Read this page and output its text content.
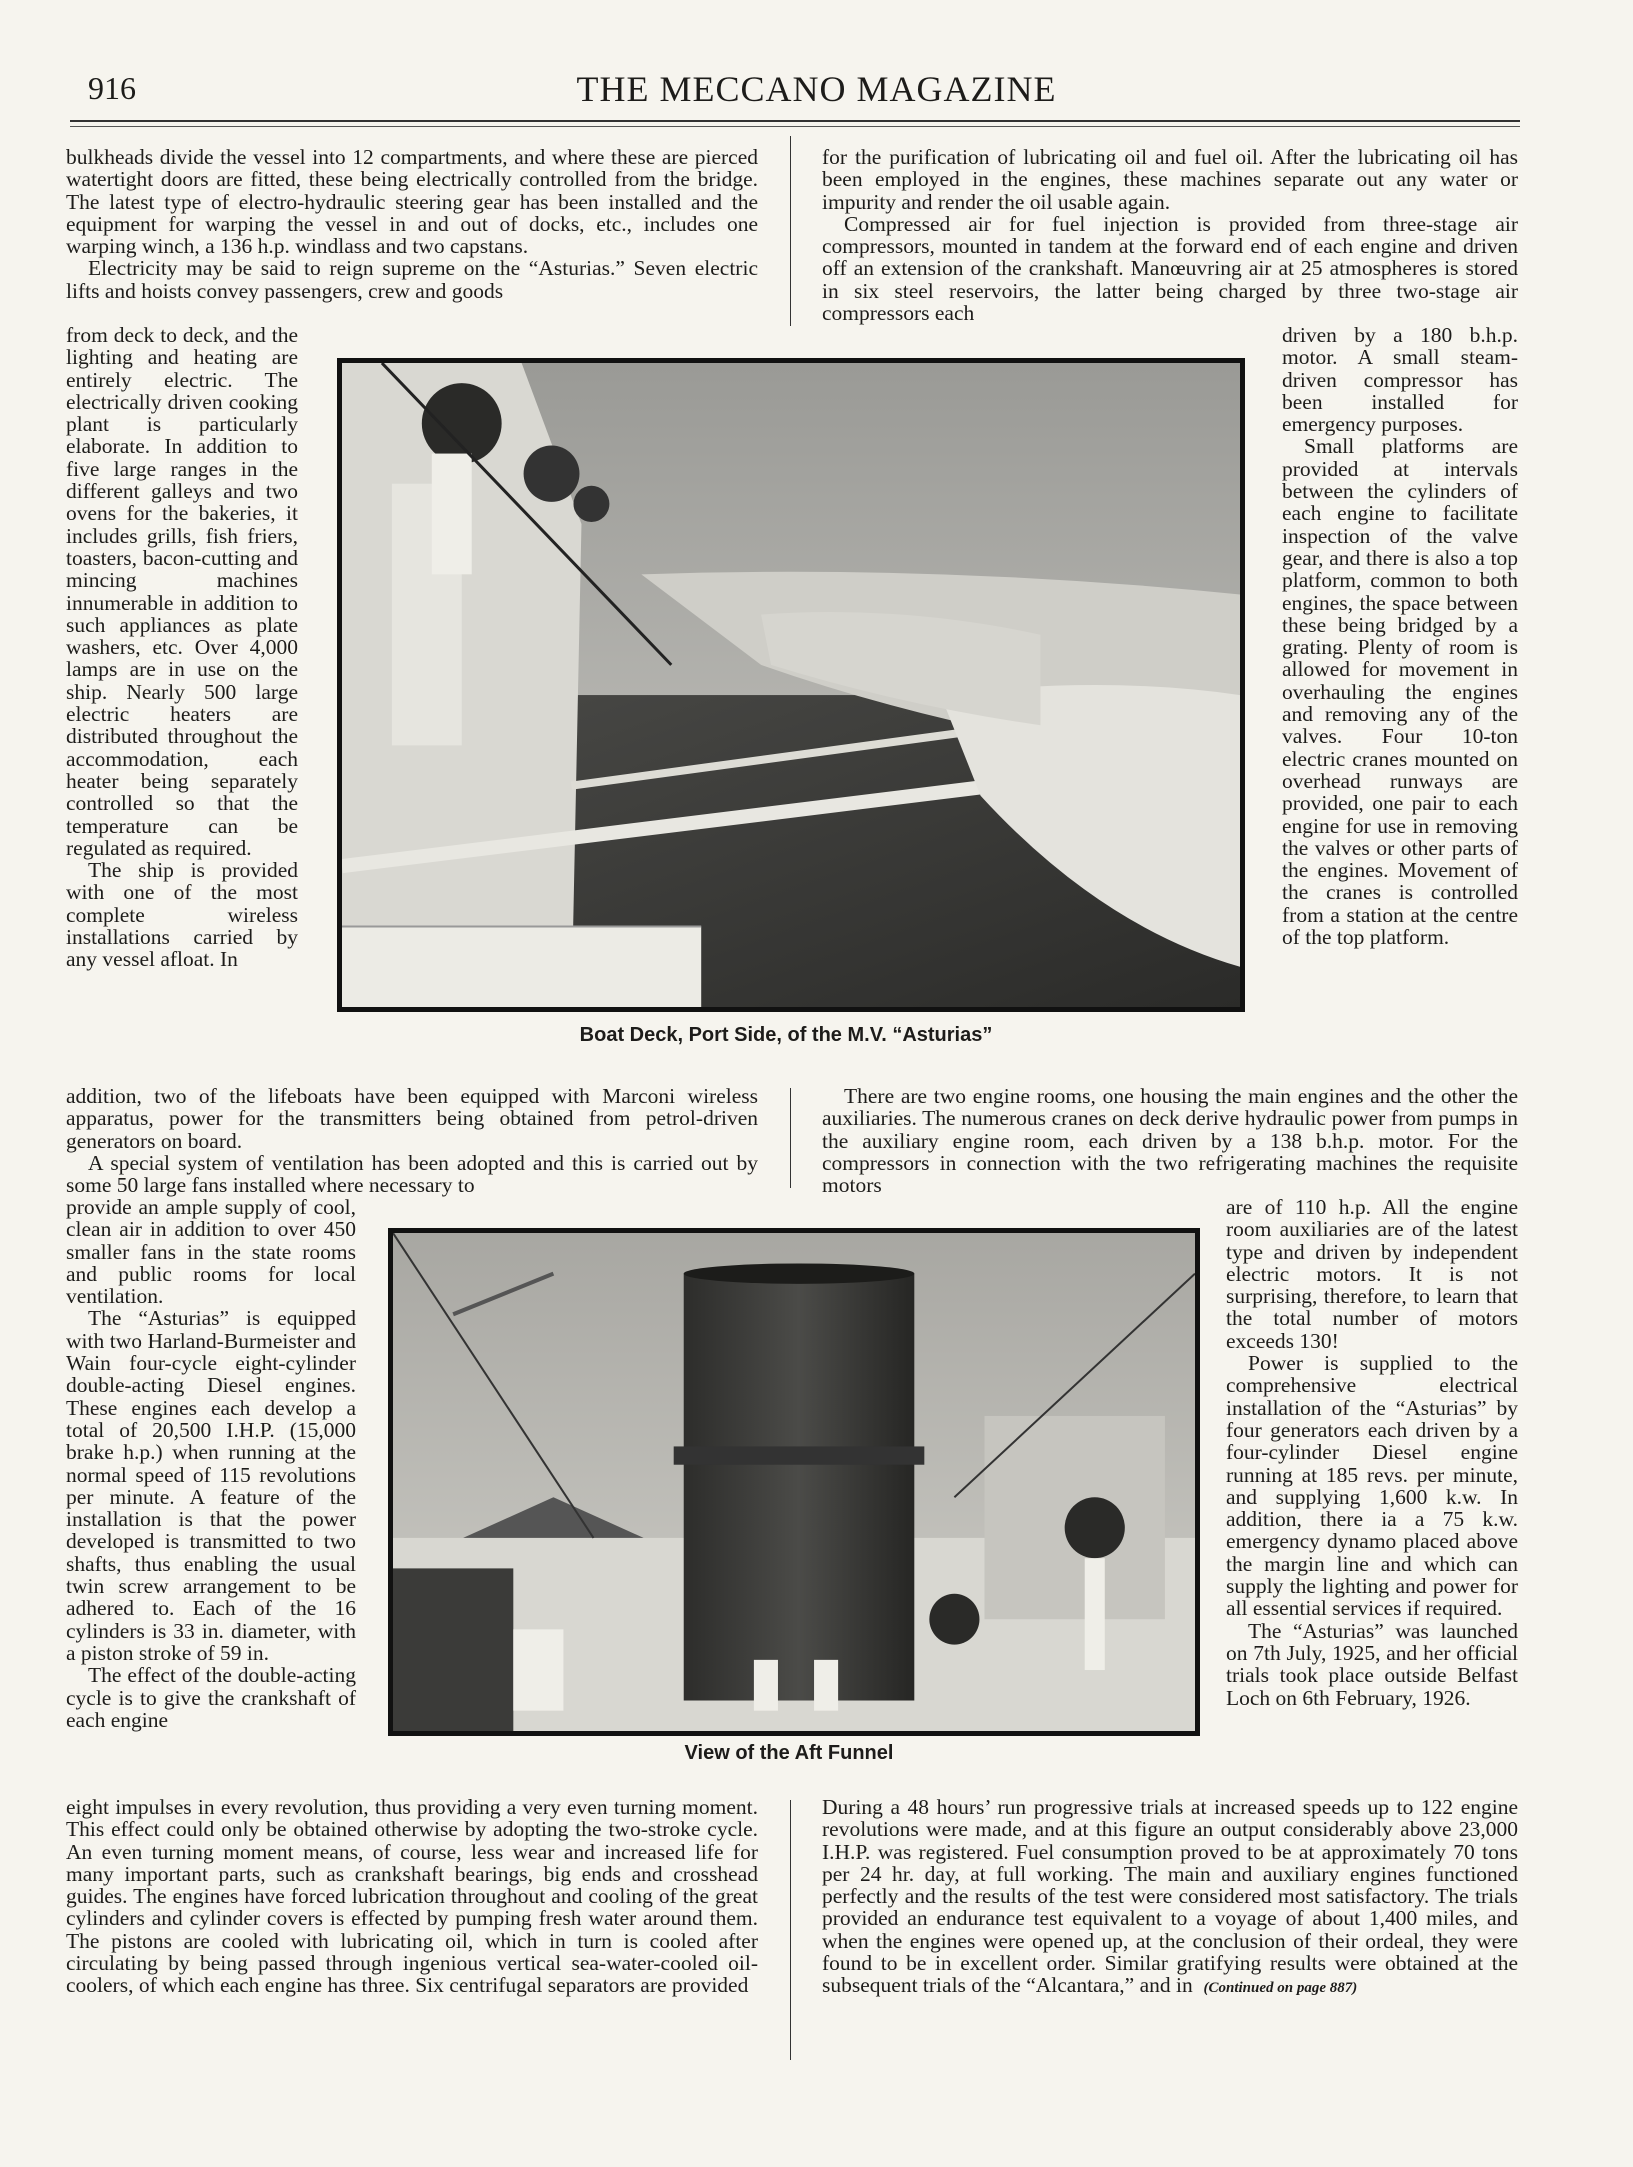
916	THE MECCANO MAGAZINE

bulkheads divide the vessel into 12 compartments, and where these are pierced watertight doors are fitted, these being electrically controlled from the bridge. The latest type of electro-hydraulic steering gear has been installed and the equipment for warping the vessel in and out of docks, etc., includes one warping winch, a 136 h.p. windlass and two capstans.

Electricity may be said to reign supreme on the “Asturias.” Seven electric lifts and hoists convey passengers, crew and goods

from deck to deck, and the lighting and heating are entirely electric. The electrically driven cooking plant is particularly elaborate. In addition to five large ranges in the different galleys and two ovens for the bakeries, it includes grills, fish friers, toasters, bacon-cutting and mincing machines innumerable in addition to such appliances as plate washers, etc. Over 4,000 lamps are in use on the ship. Nearly 500 large electric heaters are distributed throughout the accommodation, each heater being separately controlled so that the temperature can be regulated as required.

The ship is provided with one of the most complete wireless installations carried by any vessel afloat. In

addition, two of the lifeboats have been equipped with Marconi wireless apparatus, power for the transmitters being obtained from petrol-driven generators on board.

A special system of ventilation has been adopted and this is carried out by some 50 large fans installed where necessary to

provide an ample supply of cool, clean air in addition to over 450 smaller fans in the state rooms and public rooms for local ventilation.

The “Asturias” is equipped with two Harland-Burmeister and Wain four-cycle eight-cylinder double-acting Diesel engines. These engines each develop a total of 20,500 I.H.P. (15,000 brake h.p.) when running at the normal speed of 115 revolutions per minute. A feature of the installation is that the power developed is transmitted to two shafts, thus enabling the usual twin screw arrangement to be adhered to. Each of the 16 cylinders is 33 in. diameter, with a piston stroke of 59 in.

The effect of the double-acting cycle is to give the crankshaft of each engine

eight impulses in every revolution, thus providing a very even turning moment. This effect could only be obtained otherwise by adopting the two-stroke cycle. An even turning moment means, of course, less wear and increased life for many important parts, such as crankshaft bearings, big ends and crosshead guides. The engines have forced lubrication throughout and cooling of the great cylinders and cylinder covers is effected by pumping fresh water around them. The pistons are cooled with lubricating oil, which in turn is cooled after circulating by being passed through ingenious vertical sea-water-cooled oil-coolers, of which each engine has three. Six centrifugal separators are provided

for the purification of lubricating oil and fuel oil. After the lubricating oil has been employed in the engines, these machines separate out any water or impurity and render the oil usable again.

Compressed air for fuel injection is provided from three-stage air compressors, mounted in tandem at the forward end of each engine and driven off an extension of the crankshaft. Manœuvring air at 25 atmospheres is stored in six steel reservoirs, the latter being charged by three two-stage air compressors each

driven by a 180 b.h.p. motor. A small steam-driven compressor has been installed for emergency purposes.

Small platforms are provided at intervals between the cylinders of each engine to facilitate inspection of the valve gear, and there is also a top platform, common to both engines, the space between these being bridged by a grating. Plenty of room is allowed for movement in overhauling the engines and removing any of the valves. Four 10-ton electric cranes mounted on overhead runways are provided, one pair to each engine for use in removing the valves or other parts of the engines. Movement of the cranes is controlled from a station at the centre of the top platform.

There are two engine rooms, one housing the main engines and the other the auxiliaries. The numerous cranes on deck derive hydraulic power from pumps in the auxiliary engine room, each driven by a 138 b.h.p. motor. For the compressors in connection with the two refrigerating machines the requisite motors

are of 110 h.p. All the engine room auxiliaries are of the latest type and driven by independent electric motors. It is not surprising, therefore, to learn that the total number of motors exceeds 130!

Power is supplied to the comprehensive electrical installation of the “Asturias” by four generators each driven by a four-cylinder Diesel engine running at 185 revs. per minute, and supplying 1,600 k.w. In addition, there ia a 75 k.w. emergency dynamo placed above the margin line and which can supply the lighting and power for all essential services if required.

The “Asturias” was launched on 7th July, 1925, and her official trials took place outside Belfast Loch on 6th February, 1926.

During a 48 hours’ run progressive trials at increased speeds up to 122 engine revolutions were made, and at this figure an output considerably above 23,000 I.H.P. was registered. Fuel consumption proved to be at approximately 70 tons per 24 hr. day, at full working. The main and auxiliary engines functioned perfectly and the results of the test were considered most satisfactory. The trials provided an endurance test equivalent to a voyage of about 1,400 miles, and when the engines were opened up, at the conclusion of their ordeal, they were found to be in excellent order. Similar gratifying results were obtained at the subsequent trials of the “Alcantara,” and in (Continued on page 887)

Boat Deck, Port Side, of the M.V. “Asturias”
View of the Aft Funnel
